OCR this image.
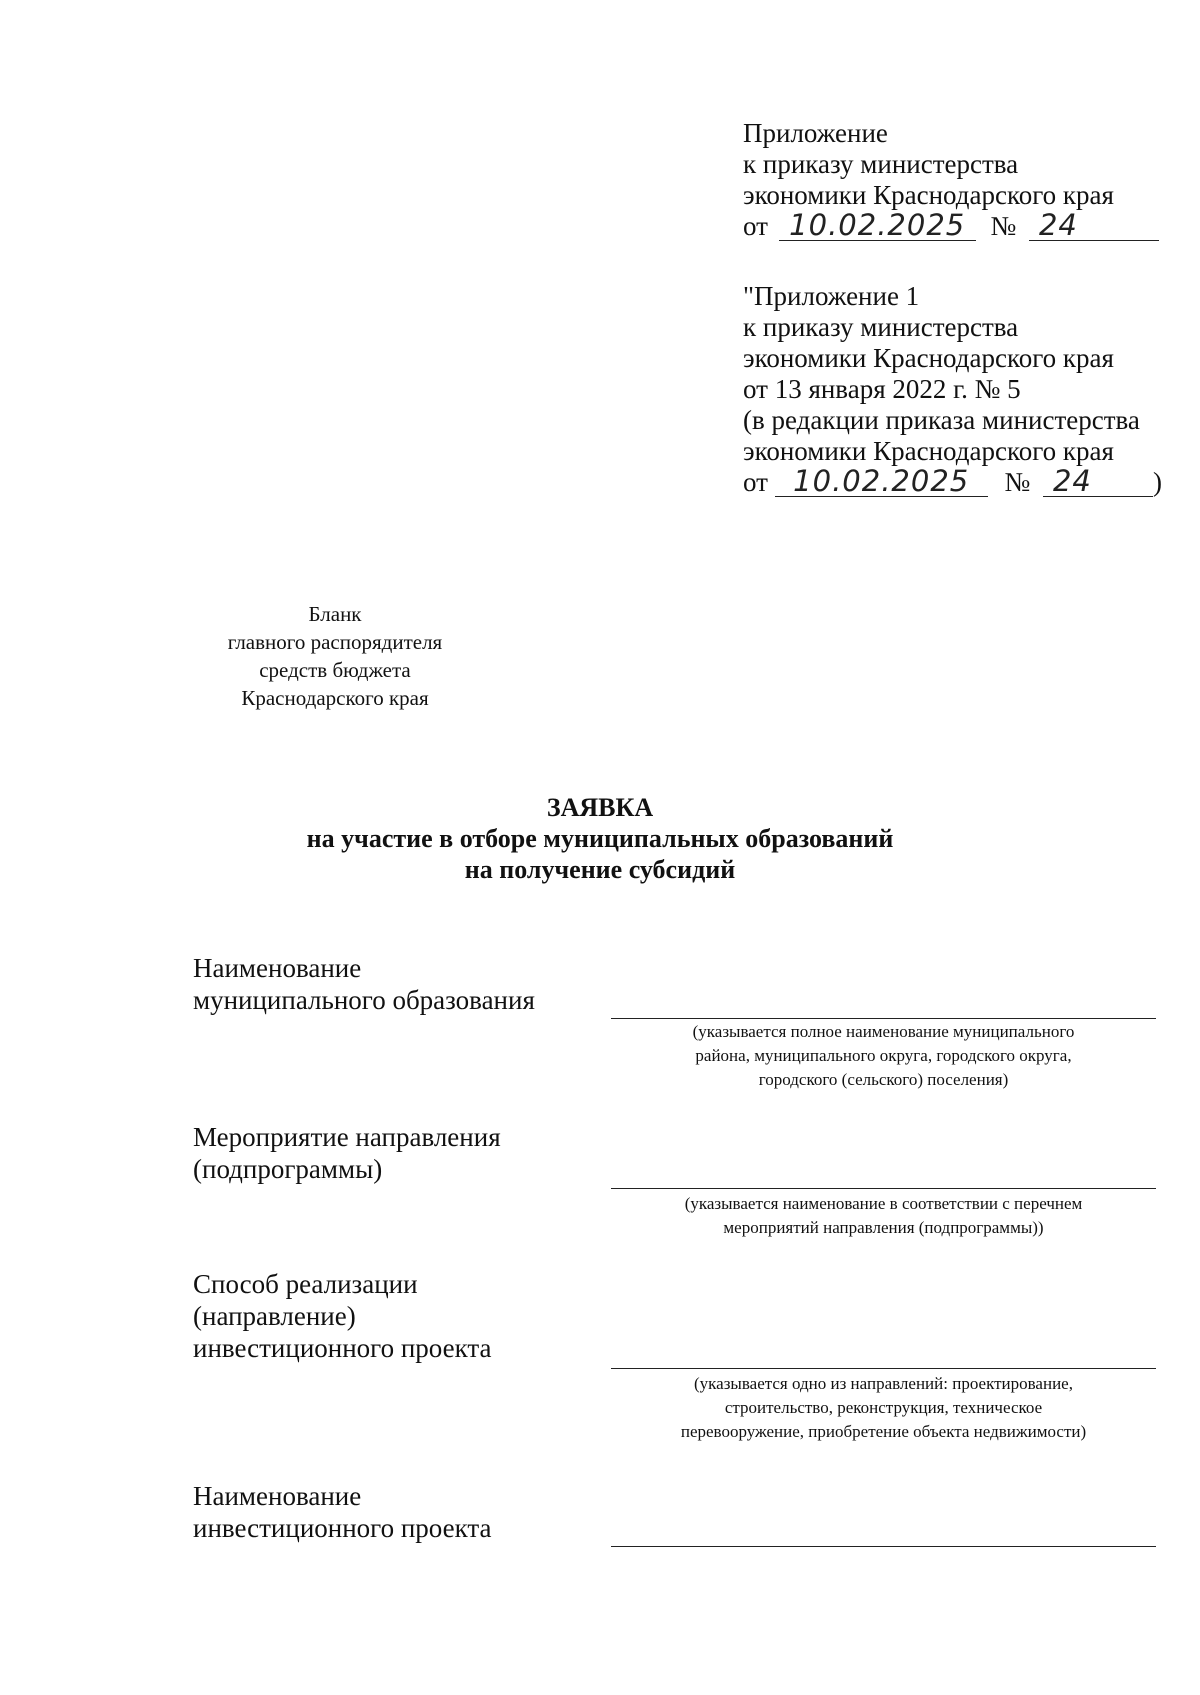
Приложение
к приказу министерства
экономики Краснодарского края
от 10.02.2025 № 24
"Приложение 1
к приказу министерства
экономики Краснодарского края
от 13 января 2022 г. № 5
(в редакции приказа министерства
экономики Краснодарского края
от 10.02.2025 № 24 )
Бланк
главного распорядителя
средств бюджета
Краснодарского края
ЗАЯВКА
на участие в отборе муниципальных образований
на получение субсидий
Наименование
муниципального образования
(указывается полное наименование муниципального
района, муниципального округа, городского округа,
городского (сельского) поселения)
Мероприятие направления
(подпрограммы)
(указывается наименование в соответствии с перечнем
мероприятий направления (подпрограммы))
Способ реализации
(направление)
инвестиционного проекта
(указывается одно из направлений: проектирование,
строительство, реконструкция, техническое
перевооружение, приобретение объекта недвижимости)
Наименование
инвестиционного проекта
